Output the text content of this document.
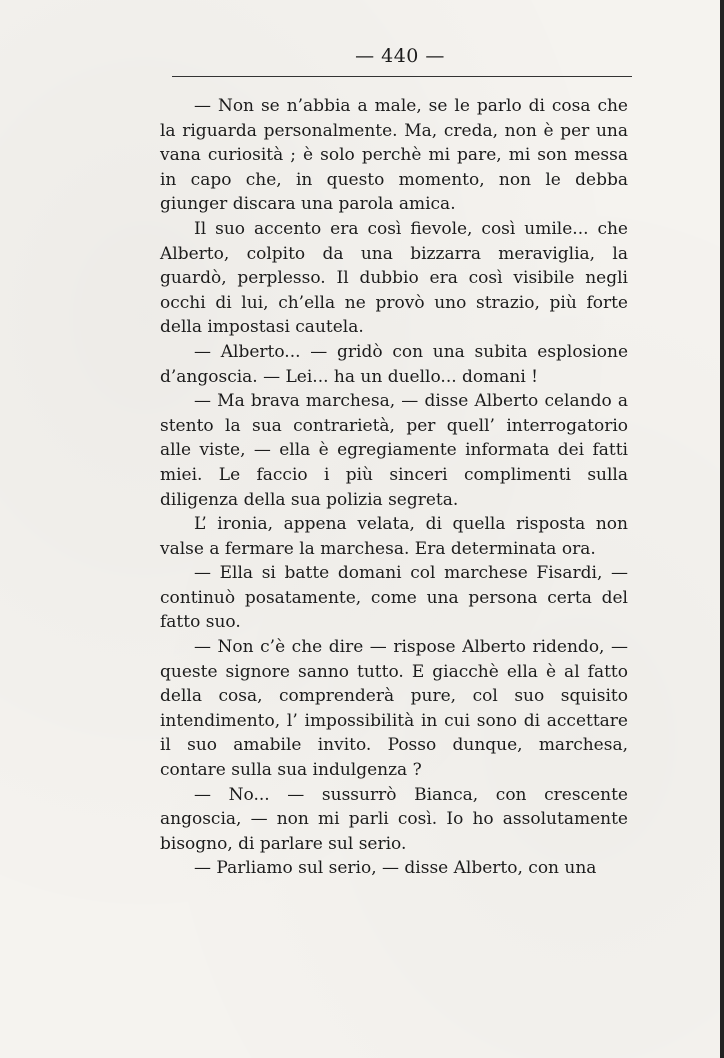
— 440 —

— Non se n’abbia a male, se le parlo di cosa che la riguarda personalmente. Ma, creda, non è per una vana curiosità ; è solo perchè mi pare, mi son messa in capo che, in questo momento, non le debba giunger discara una parola amica.

Il suo accento era così fievole, così umile... che Alberto, colpito da una bizzarra meraviglia, la guardò, perplesso. Il dubbio era così visibile negli occhi di lui, ch’ella ne provò uno strazio, più forte della impostasi cautela.

— Alberto... — gridò con una subita esplosione d’angoscia. — Lei... ha un duello... domani !

— Ma brava marchesa, — disse Alberto celando a stento la sua contrarietà, per quell’ interrogatorio alle viste, — ella è egregiamente informata dei fatti miei. Le faccio i più sinceri complimenti sulla diligenza della sua polizia segreta.

L’ ironia, appena velata, di quella risposta non valse a fermare la marchesa. Era determinata ora.

— Ella si batte domani col marchese Fisardi, — continuò posatamente, come una persona certa del fatto suo.

— Non c’è che dire — rispose Alberto ridendo, — queste signore sanno tutto. E giacchè ella è al fatto della cosa, comprenderà pure, col suo squisito intendimento, l’ impossibilità in cui sono di accettare il suo amabile invito. Posso dunque, marchesa, contare sulla sua indulgenza ?

— No... — sussurrò Bianca, con crescente angoscia, — non mi parli così. Io ho assolutamente bisogno, di parlare sul serio.

— Parliamo sul serio, — disse Alberto, con una
